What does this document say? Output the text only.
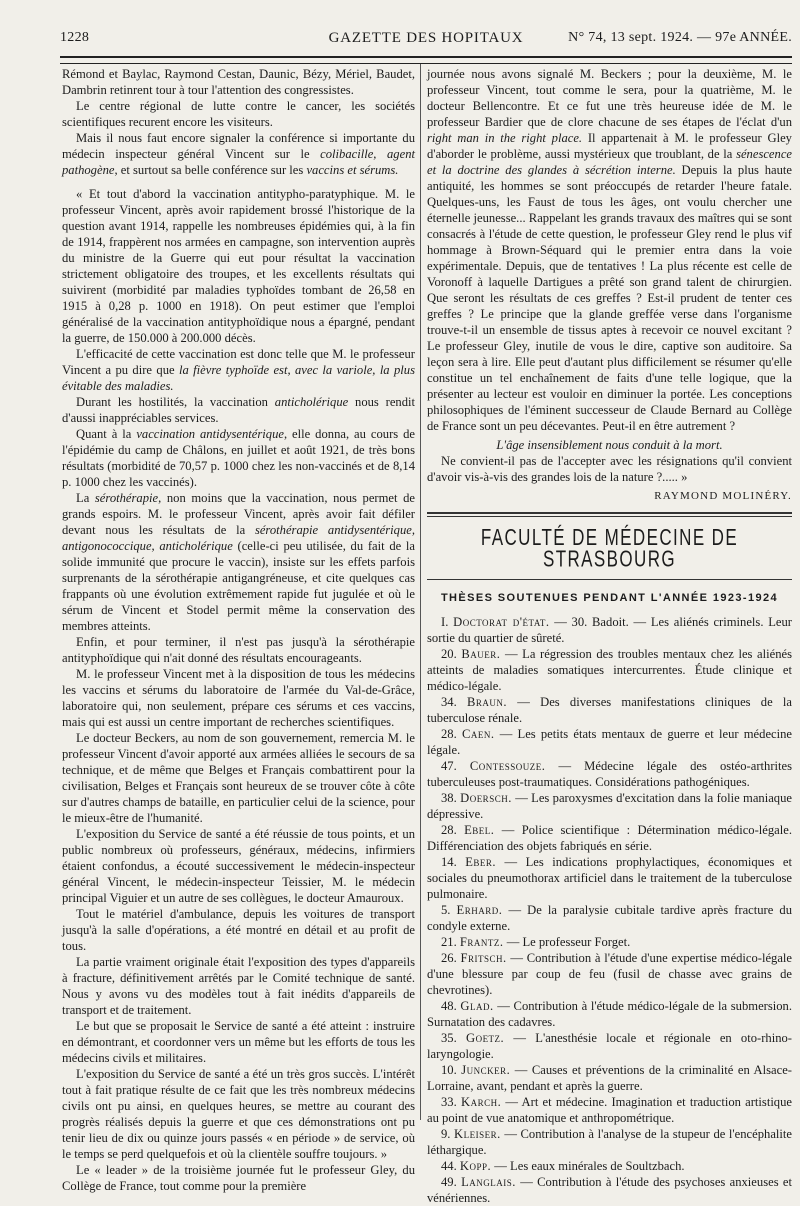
1228	GAZETTE DES HOPITAUX	N° 74, 13 sept. 1924. — 97e ANNÉE.

Rémond et Baylac, Raymond Cestan, Daunic, Bézy, Mériel, Baudet, Dambrin retinrent tour à tour l'attention des congressistes.

Le centre régional de lutte contre le cancer, les sociétés scientifiques recurent encore les visiteurs.

Mais il nous faut encore signaler la conférence si importante du médecin inspecteur général Vincent sur le colibacille, agent pathogène, et surtout sa belle conférence sur les vaccins et sérums.

« Et tout d'abord la vaccination antitypho-paratyphique. M. le professeur Vincent, après avoir rapidement brossé l'historique de la question avant 1914, rappelle les nombreuses épidémies qui, à la fin de 1914, frappèrent nos armées en campagne, son intervention auprès du ministre de la Guerre qui eut pour résultat la vaccination strictement obligatoire des troupes, et les excellents résultats qui suivirent (morbidité par maladies typhoïdes tombant de 26,58 en 1915 à 0,28 p. 1000 en 1918). On peut estimer que l'emploi généralisé de la vaccination antityphoïdique nous a épargné, pendant la guerre, de 150.000 à 200.000 décès.

L'efficacité de cette vaccination est donc telle que M. le professeur Vincent a pu dire que la fièvre typhoïde est, avec la variole, la plus évitable des maladies.

Durant les hostilités, la vaccination anticholérique nous rendit d'aussi inappréciables services.

Quant à la vaccination antidysentérique, elle donna, au cours de l'épidémie du camp de Châlons, en juillet et août 1921, de très bons résultats (morbidité de 70,57 p. 1000 chez les non-vaccinés et de 8,14 p. 1000 chez les vaccinés).

La sérothérapie, non moins que la vaccination, nous permet de grands espoirs. M. le professeur Vincent, après avoir fait défiler devant nous les résultats de la sérothérapie antidysentérique, antigonococcique, anticholérique (celle-ci peu utilisée, du fait de la solide immunité que procure le vaccin), insiste sur les effets parfois surprenants de la sérothérapie antigangréneuse, et cite quelques cas frappants où une évolution extrêmement rapide fut jugulée et où le sérum de Vincent et Stodel permit même la conservation des membres atteints.

Enfin, et pour terminer, il n'est pas jusqu'à la sérothérapie antityphoïdique qui n'ait donné des résultats encourageants.

M. le professeur Vincent met à la disposition de tous les médecins les vaccins et sérums du laboratoire de l'armée du Val-de-Grâce, laboratoire qui, non seulement, prépare ces sérums et ces vaccins, mais qui est aussi un centre important de recherches scientifiques.

Le docteur Beckers, au nom de son gouvernement, remercia M. le professeur Vincent d'avoir apporté aux armées alliées le secours de sa technique, et de même que Belges et Français combattirent pour la civilisation, Belges et Français sont heureux de se trouver côte à côte sur d'autres champs de bataille, en particulier celui de la science, pour le mieux-être de l'humanité.

L'exposition du Service de santé a été réussie de tous points, et un public nombreux où professeurs, généraux, médecins, infirmiers étaient confondus, a écouté successivement le médecin-inspecteur général Vincent, le médecin-inspecteur Teissier, M. le médecin principal Viguier et un autre de ses collègues, le docteur Amauroux.

Tout le matériel d'ambulance, depuis les voitures de transport jusqu'à la salle d'opérations, a été montré en détail et au profit de tous.

La partie vraiment originale était l'exposition des types d'appareils à fracture, définitivement arrêtés par le Comité technique de santé. Nous y avons vu des modèles tout à fait inédits d'appareils de transport et de traitement.

Le but que se proposait le Service de santé a été atteint : instruire en démontrant, et coordonner vers un même but les efforts de tous les médecins civils et militaires.

L'exposition du Service de santé a été un très gros succès. L'intérêt tout à fait pratique résulte de ce fait que les très nombreux médecins civils ont pu ainsi, en quelques heures, se mettre au courant des progrès réalisés depuis la guerre et que ces démonstrations ont pu tenir lieu de dix ou quinze jours passés « en période » de service, où le temps se perd quelquefois et où la clientèle souffre toujours. »

Le « leader » de la troisième journée fut le professeur Gley, du Collège de France, tout comme pour la première

journée nous avons signalé M. Beckers ; pour la deuxième, M. le professeur Vincent, tout comme le sera, pour la quatrième, M. le docteur Bellencontre. Et ce fut une très heureuse idée de M. le professeur Bardier que de clore chacune de ses étapes de l'éclat d'un right man in the right place. Il appartenait à M. le professeur Gley d'aborder le problème, aussi mystérieux que troublant, de la sénescence et la doctrine des glandes à sécrétion interne. Depuis la plus haute antiquité, les hommes se sont préoccupés de retarder l'heure fatale. Quelques-uns, les Faust de tous les âges, ont voulu chercher une éternelle jeunesse... Rappelant les grands travaux des maîtres qui se sont consacrés à l'étude de cette question, le professeur Gley rend le plus vif hommage à Brown-Séquard qui le premier entra dans la voie expérimentale. Depuis, que de tentatives ! La plus récente est celle de Voronoff à laquelle Dartigues a prêté son grand talent de chirurgien. Que seront les résultats de ces greffes ? Est-il prudent de tenter ces greffes ? Le principe que la glande greffée verse dans l'organisme trouve-t-il un ensemble de tissus aptes à recevoir ce nouvel excitant ? Le professeur Gley, inutile de vous le dire, captive son auditoire. Sa leçon sera à lire. Elle peut d'autant plus difficilement se résumer qu'elle constitue un tel enchaînement de faits d'une telle logique, que la présenter au lecteur est vouloir en diminuer la portée. Les conceptions philosophiques de l'éminent successeur de Claude Bernard au Collège de France sont un peu décevantes. Peut-il en être autrement ?

L'âge insensiblement nous conduit à la mort.

Ne convient-il pas de l'accepter avec les résignations qu'il convient d'avoir vis-à-vis des grandes lois de la nature ?..... »

RAYMOND MOLINÉRY.

FACULTÉ DE MÉDECINE DE STRASBOURG
THÈSES SOUTENUES PENDANT L'ANNÉE 1923-1924

I. Doctorat d'état. — 30. Badoit. — Les aliénés criminels. Leur sortie du quartier de sûreté.

20. Bauer. — La régression des troubles mentaux chez les aliénés atteints de maladies somatiques intercurrentes. Étude clinique et médico-légale.

34. Braun. — Des diverses manifestations cliniques de la tuberculose rénale.

28. Caen. — Les petits états mentaux de guerre et leur médecine légale.

47. Contessouze. — Médecine légale des ostéo-arthrites tuberculeuses post-traumatiques. Considérations pathogéniques.

38. Doersch. — Les paroxysmes d'excitation dans la folie maniaque dépressive.

28. Ebel. — Police scientifique : Détermination médico-légale. Différenciation des objets fabriqués en série.

14. Eber. — Les indications prophylactiques, économiques et sociales du pneumothorax artificiel dans le traitement de la tuberculose pulmonaire.

5. Erhard. — De la paralysie cubitale tardive après fracture du condyle externe.

21. Frantz. — Le professeur Forget.

26. Fritsch. — Contribution à l'étude d'une expertise médico-légale d'une blessure par coup de feu (fusil de chasse avec grains de chevrotines).

48. Glad. — Contribution à l'étude médico-légale de la submersion. Surnatation des cadavres.

35. Goetz. — L'anesthésie locale et régionale en oto-rhino-laryngologie.

10. Juncker. — Causes et préventions de la criminalité en Alsace-Lorraine, avant, pendant et après la guerre.

33. Karch. — Art et médecine. Imagination et traduction artistique au point de vue anatomique et anthropométrique.

9. Kleiser. — Contribution à l'analyse de la stupeur de l'encéphalite léthargique.

44. Kopp. — Les eaux minérales de Soultzbach.

49. Langlais. — Contribution à l'étude des psychoses anxieuses et vénériennes.
